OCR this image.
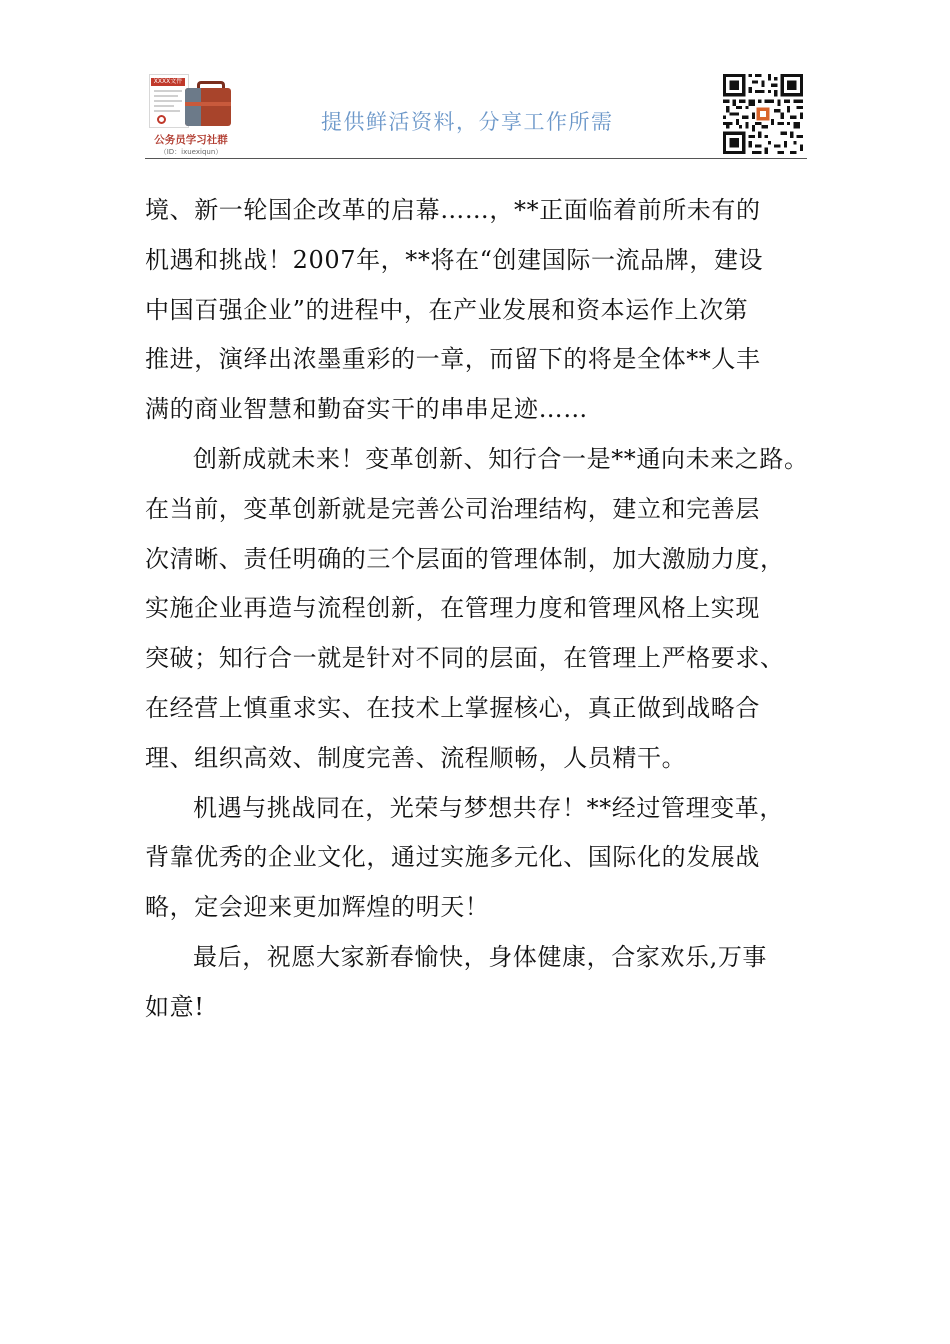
XXXX文件
公务员学习社群
（ID：ixuexiqun）
提供鲜活资料，分享工作所需

境、新一轮国企改革的启幕……，**正面临着前所未有的

机遇和挑战！2007年，**将在“创建国际一流品牌，建设

中国百强企业”的进程中，在产业发展和资本运作上次第

推进，演绎出浓墨重彩的一章，而留下的将是全体**人丰

满的商业智慧和勤奋实干的串串足迹……

创新成就未来！变革创新、知行合一是**通向未来之路。

在当前，变革创新就是完善公司治理结构，建立和完善层

次清晰、责任明确的三个层面的管理体制，加大激励力度，

实施企业再造与流程创新，在管理力度和管理风格上实现

突破；知行合一就是针对不同的层面，在管理上严格要求、

在经营上慎重求实、在技术上掌握核心，真正做到战略合

理、组织高效、制度完善、流程顺畅，人员精干。

机遇与挑战同在，光荣与梦想共存！**经过管理变革，

背靠优秀的企业文化，通过实施多元化、国际化的发展战

略，定会迎来更加辉煌的明天！

最后，祝愿大家新春愉快，身体健康，合家欢乐,万事

如意!
